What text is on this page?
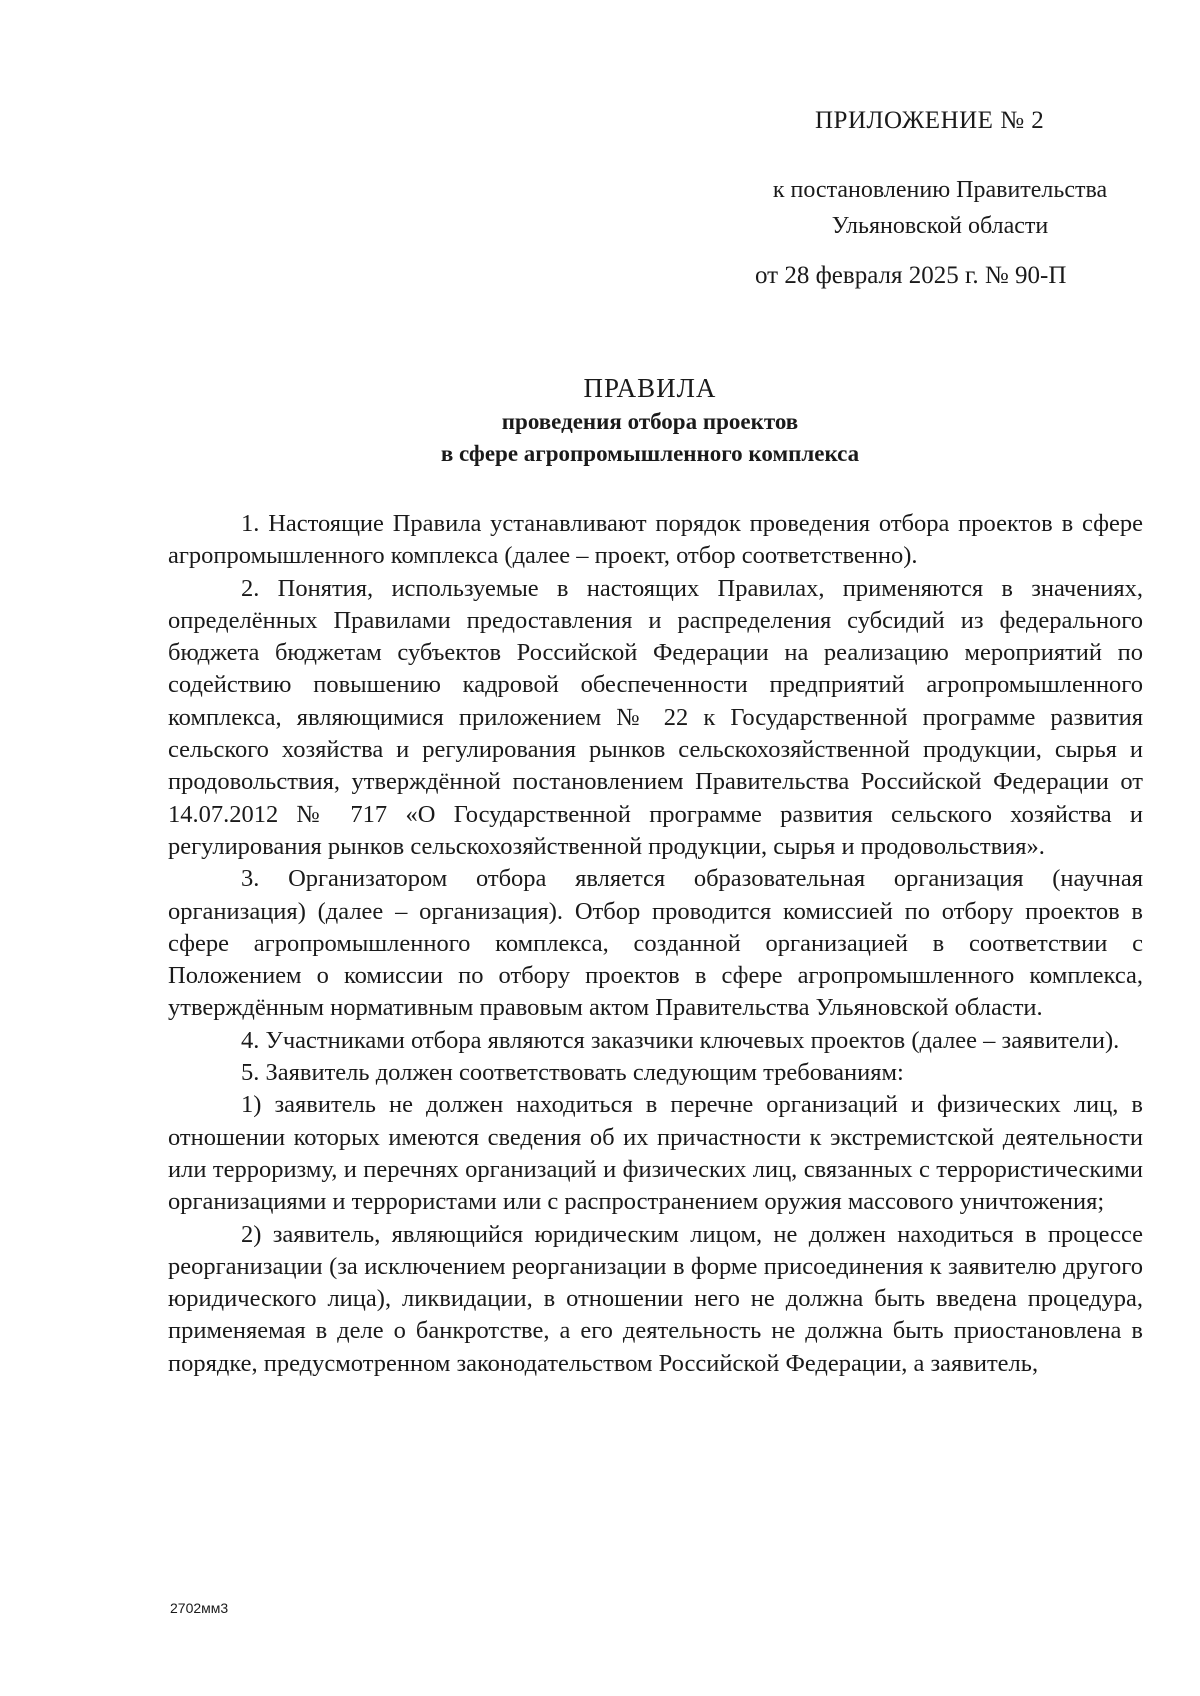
ПРИЛОЖЕНИЕ № 2
к постановлению Правительства
Ульяновской области
от 28 февраля 2025 г. № 90-П
ПРАВИЛА
проведения отбора проектов
в сфере агропромышленного комплекса

1. Настоящие Правила устанавливают порядок проведения отбора проектов в сфере агропромышленного комплекса (далее – проект, отбор соответственно).

2. Понятия, используемые в настоящих Правилах, применяются в значениях, определённых Правилами предоставления и распределения субсидий из федерального бюджета бюджетам субъектов Российской Федерации на реализацию мероприятий по содействию повышению кадровой обеспеченности предприятий агропромышленного комплекса, являющимися приложением № 22 к Государственной программе развития сельского хозяйства и регулирования рынков сельскохозяйственной продукции, сырья и продовольствия, утверждённой постановлением Правительства Российской Федерации от 14.07.2012 № 717 «О Государственной программе развития сельского хозяйства и регулирования рынков сельскохозяйственной продукции, сырья и продовольствия».

3. Организатором отбора является образовательная организация (научная организация) (далее – организация). Отбор проводится комиссией по отбору проектов в сфере агропромышленного комплекса, созданной организацией в соответствии с Положением о комиссии по отбору проектов в сфере агропромышленного комплекса, утверждённым нормативным правовым актом Правительства Ульяновской области.

4. Участниками отбора являются заказчики ключевых проектов (далее – заявители).

5. Заявитель должен соответствовать следующим требованиям:

1) заявитель не должен находиться в перечне организаций и физических лиц, в отношении которых имеются сведения об их причастности к экстремистской деятельности или терроризму, и перечнях организаций и физических лиц, связанных с террористическими организациями и террористами или с распространением оружия массового уничтожения;

2) заявитель, являющийся юридическим лицом, не должен находиться в процессе реорганизации (за исключением реорганизации в форме присоединения к заявителю другого юридического лица), ликвидации, в отношении него не должна быть введена процедура, применяемая в деле о банкротстве, а его деятельность не должна быть приостановлена в порядке, предусмотренном законодательством Российской Федерации, а заявитель,

2702мм3
